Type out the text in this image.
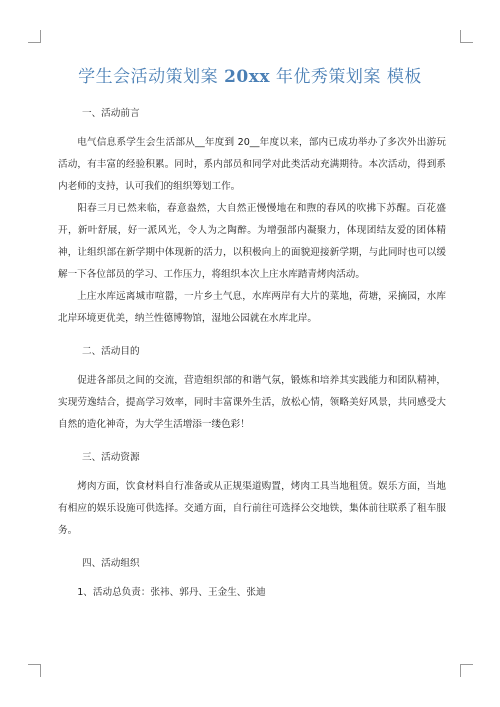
学生会活动策划案 20xx 年优秀策划案 模板

一、活动前言

电气信息系学生会生活部从__年度到 20__年度以来，部内已成功举办了多次外出游玩活动，有丰富的经验积累。同时，系内部员和同学对此类活动充满期待。本次活动，得到系内老师的支持，认可我们的组织筹划工作。

阳春三月已然来临，春意盎然，大自然正慢慢地在和煦的春风的吹拂下苏醒。百花盛开，新叶舒展，好一派风光，令人为之陶醉。为增强部内凝聚力，体现团结友爱的团体精神，让组织部在新学期中体现新的活力，以积极向上的面貌迎接新学期，与此同时也可以缓解一下各位部员的学习、工作压力，将组织本次上庄水库踏青烤肉活动。

上庄水库远离城市喧嚣，一片乡土气息，水库两岸有大片的菜地，荷塘，采摘园，水库北岸环境更优美，纳兰性德博物馆，湿地公园就在水库北岸。

二、活动目的

促进各部员之间的交流，营造组织部的和谐气氛，锻炼和培养其实践能力和团队精神，实现劳逸结合，提高学习效率，同时丰富课外生活，放松心情，领略美好风景，共同感受大自然的造化神奇，为大学生活增添一缕色彩！

三、活动资源

烤肉方面，饮食材料自行准备或从正规渠道购置，烤肉工具当地租赁。娱乐方面，当地有相应的娱乐设施可供选择。交通方面，自行前往可选择公交地铁，集体前往联系了租车服务。

四、活动组织

1、活动总负责：张祎、郭丹、王金生、张迪
